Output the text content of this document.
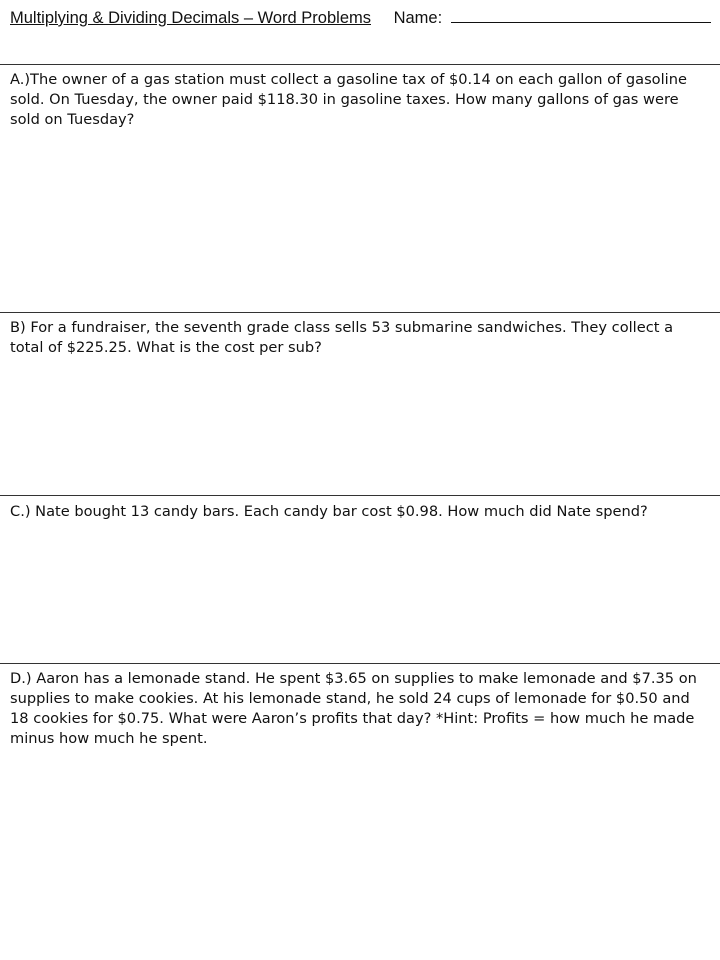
Multiplying & Dividing Decimals – Word Problems Name:

A.)The owner of a gas station must collect a gasoline tax of $0.14 on each gallon of gasoline sold. On Tuesday, the owner paid $118.30 in gasoline taxes. How many gallons of gas were sold on Tuesday?

B) For a fundraiser, the seventh grade class sells 53 submarine sandwiches. They collect a total of $225.25. What is the cost per sub?

C.) Nate bought 13 candy bars. Each candy bar cost $0.98. How much did Nate spend?

D.) Aaron has a lemonade stand. He spent $3.65 on supplies to make lemonade and $7.35 on supplies to make cookies. At his lemonade stand, he sold 24 cups of lemonade for $0.50 and 18 cookies for $0.75. What were Aaron’s profits that day? *Hint: Profits = how much he made minus how much he spent.
